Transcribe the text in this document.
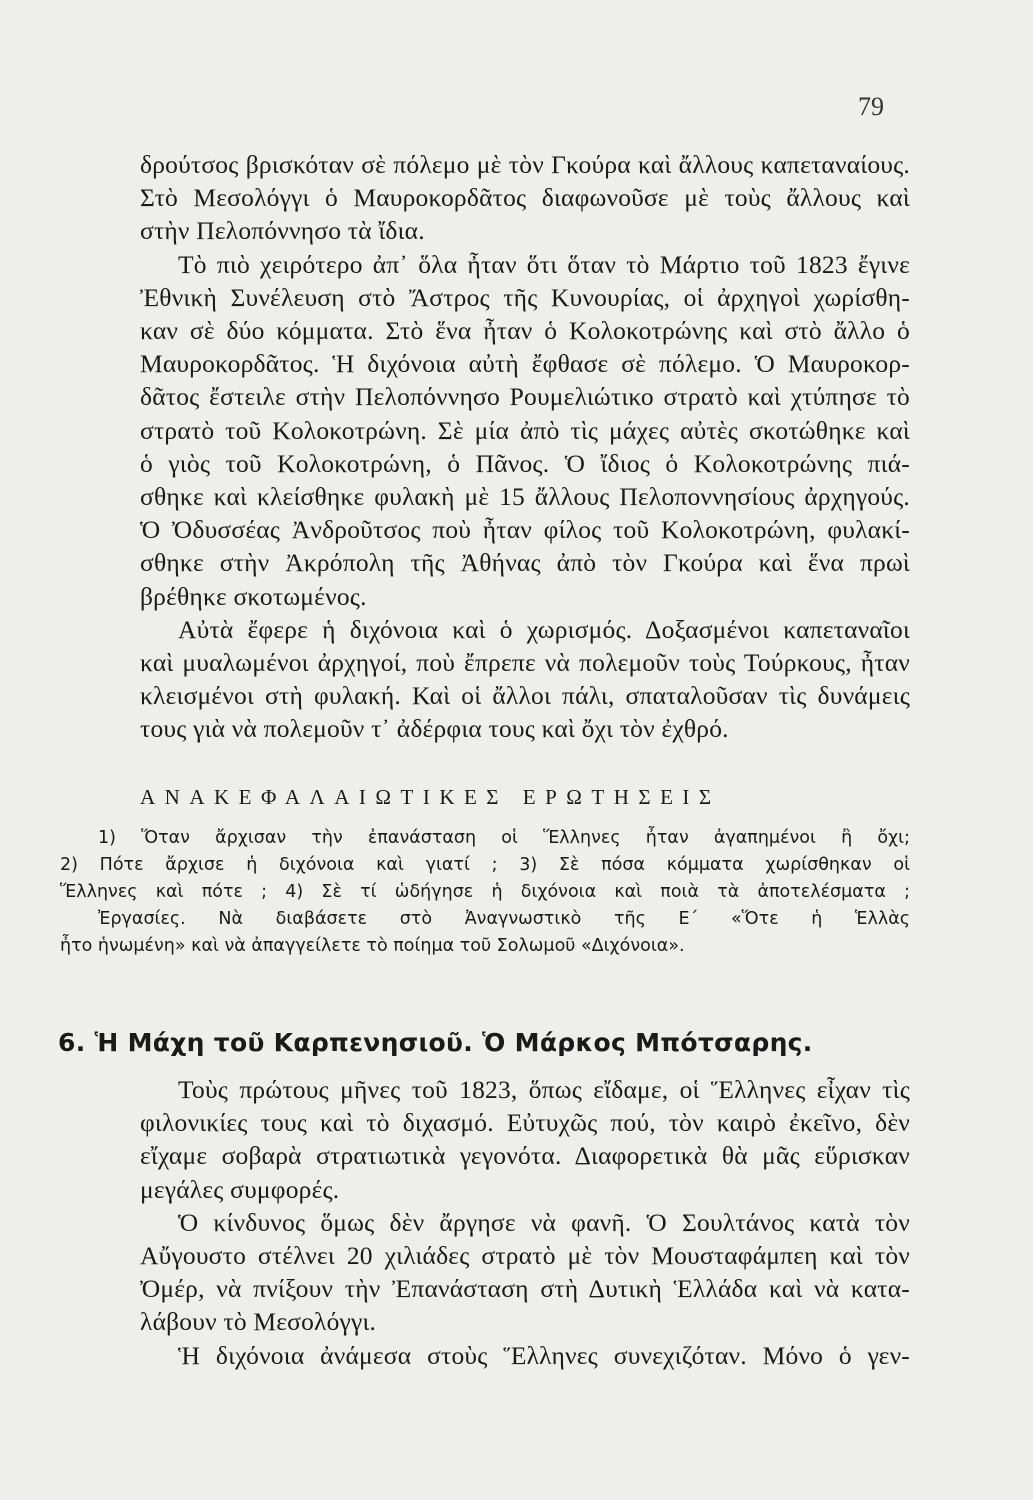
79
δρούτσος βρισκόταν σὲ πόλεμο μὲ τὸν Γκούρα καὶ ἄλλους καπεταναίους.
Στὸ Μεσολόγγι ὁ Μαυροκορδᾶτος διαφωνοῦσε μὲ τοὺς ἄλλους καὶ
στὴν Πελοπόννησο τὰ ἴδια.
Τὸ πιὸ χειρότερο ἀπ᾿ ὅλα ἦταν ὅτι ὅταν τὸ Μάρτιο τοῦ 1823 ἔγινε
Ἐθνικὴ Συνέλευση στὸ Ἄστρος τῆς Κυνουρίας, οἱ ἀρχηγοὶ χωρίσθη-
καν σὲ δύο κόμματα. Στὸ ἕνα ἦταν ὁ Κολοκοτρώνης καὶ στὸ ἄλλο ὁ
Μαυροκορδᾶτος. Ἡ διχόνοια αὐτὴ ἔφθασε σὲ πόλεμο. Ὁ Μαυροκορ-
δᾶτος ἔστειλε στὴν Πελοπόννησο Ρουμελιώτικο στρατὸ καὶ χτύπησε τὸ
στρατὸ τοῦ Κολοκοτρώνη. Σὲ μία ἀπὸ τὶς μάχες αὐτὲς σκοτώθηκε καὶ
ὁ γιὸς τοῦ Κολοκοτρώνη, ὁ Πᾶνος. Ὁ ἴδιος ὁ Κολοκοτρώνης πιά-
σθηκε καὶ κλείσθηκε φυλακὴ μὲ 15 ἄλλους Πελοποννησίους ἀρχηγούς.
Ὁ Ὀδυσσέας Ἀνδροῦτσος ποὺ ἦταν φίλος τοῦ Κολοκοτρώνη, φυλακί-
σθηκε στὴν Ἀκρόπολη τῆς Ἀθήνας ἀπὸ τὸν Γκούρα καὶ ἕνα πρωὶ
βρέθηκε σκοτωμένος.
Αὐτὰ ἔφερε ἡ διχόνοια καὶ ὁ χωρισμός. Δοξασμένοι καπεταναῖοι
καὶ μυαλωμένοι ἀρχηγοί, ποὺ ἔπρεπε νὰ πολεμοῦν τοὺς Τούρκους, ἦταν
κλεισμένοι στὴ φυλακή. Καὶ οἱ ἄλλοι πάλι, σπαταλοῦσαν τὶς δυνάμεις
τους γιὰ νὰ πολεμοῦν τ᾿ ἀδέρφια τους καὶ ὄχι τὸν ἐχθρό.
ΑΝΑΚΕΦΑΛΑΙΩΤΙΚΕΣ ΕΡΩΤΗΣΕΙΣ
1) Ὅταν ἄρχισαν τὴν ἐπανάσταση οἱ Ἕλληνες ἦταν ἀγαπημένοι ἢ ὄχι;
2) Πότε ἄρχισε ἡ διχόνοια καὶ γιατί ; 3) Σὲ πόσα κόμματα χωρίσθηκαν οἱ
Ἕλληνες καὶ πότε ; 4) Σὲ τί ὡδήγησε ἡ διχόνοια καὶ ποιὰ τὰ ἀποτελέσματα ;
Ἐργασίες. Νὰ διαβάσετε στὸ Ἀναγνωστικὸ τῆς Ε΄ «Ὅτε ἡ Ἑλλὰς
ἦτο ἡνωμένη» καὶ νὰ ἀπαγγείλετε τὸ ποίημα τοῦ Σολωμοῦ «Διχόνοια».
6. Ἡ Μάχη τοῦ Καρπενησιοῦ. Ὁ Μάρκος Μπότσαρης.
Τοὺς πρώτους μῆνες τοῦ 1823, ὅπως εἴδαμε, οἱ Ἕλληνες εἶχαν τὶς
φιλονικίες τους καὶ τὸ διχασμό. Εὐτυχῶς πού, τὸν καιρὸ ἐκεῖνο, δὲν
εἴχαμε σοβαρὰ στρατιωτικὰ γεγονότα. Διαφορετικὰ θὰ μᾶς εὕρισκαν
μεγάλες συμφορές.
Ὁ κίνδυνος ὅμως δὲν ἄργησε νὰ φανῆ. Ὁ Σουλτάνος κατὰ τὸν
Αὔγουστο στέλνει 20 χιλιάδες στρατὸ μὲ τὸν Μουσταφάμπεη καὶ τὸν
Ὀμέρ, νὰ πνίξουν τὴν Ἐπανάσταση στὴ Δυτικὴ Ἑλλάδα καὶ νὰ κατα-
λάβουν τὸ Μεσολόγγι.
Ἡ διχόνοια ἀνάμεσα στοὺς Ἕλληνες συνεχιζόταν. Μόνο ὁ γεν-
